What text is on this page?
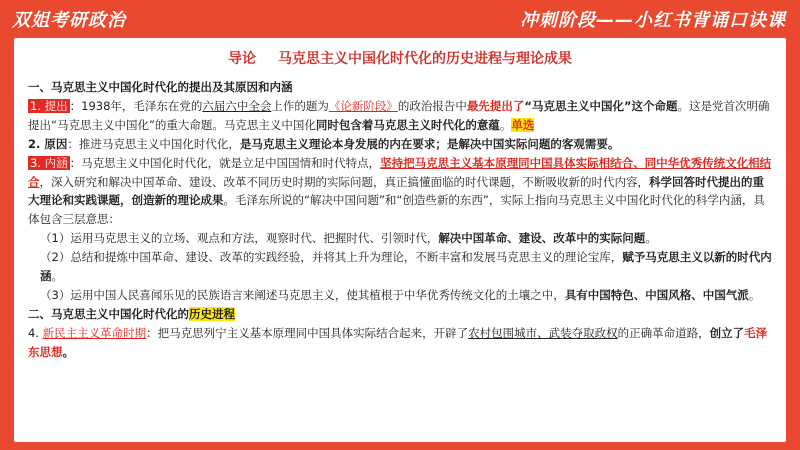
双姐考研政治	冲刺阶段——小红书背诵口诀课
导论 马克思主义中国化时代化的历史进程与理论成果

一、马克思主义中国化时代化的提出及其原因和内涵

1. 提出 ：1938年，毛泽东在党的六届六中全会上作的题为《论新阶段》的政治报告中最先提出了“马克思主义中国化”这个命题。这是党首次明确提出“马克思主义中国化”的重大命题。马克思主义中国化同时包含着马克思主义时代化的意蕴。单选

2. 原因：推进马克思主义中国化时代化，是马克思主义理论本身发展的内在要求；是解决中国实际问题的客观需要。

3. 内涵 ：马克思主义中国化时代化，就是立足中国国情和时代特点，坚持把马克思主义基本原理同中国具体实际相结合、同中华优秀传统文化相结合，深入研究和解决中国革命、建设、改革不同历史时期的实际问题，真正搞懂面临的时代课题，不断吸收新的时代内容，科学回答时代提出的重大理论和实践课题，创造新的理论成果。毛泽东所说的“解决中国问题”和“创造些新的东西”，实际上指向马克思主义中国化时代化的科学内涵，具体包含三层意思：

（1）运用马克思主义的立场、观点和方法，观察时代、把握时代、引领时代，解决中国革命、建设、改革中的实际问题。

（2）总结和提炼中国革命、建设、改革的实践经验，并将其上升为理论，不断丰富和发展马克思主义的理论宝库，赋予马克思主义以新的时代内涵。

（3）运用中国人民喜闻乐见的民族语言来阐述马克思主义，使其植根于中华优秀传统文化的土壤之中，具有中国特色、中国风格、中国气派。

二、马克思主义中国化时代化的历史进程

4. 新民主主义革命时期：把马克思列宁主义基本原理同中国具体实际结合起来，开辟了农村包围城市、武装夺取政权的正确革命道路，创立了毛泽东思想。
